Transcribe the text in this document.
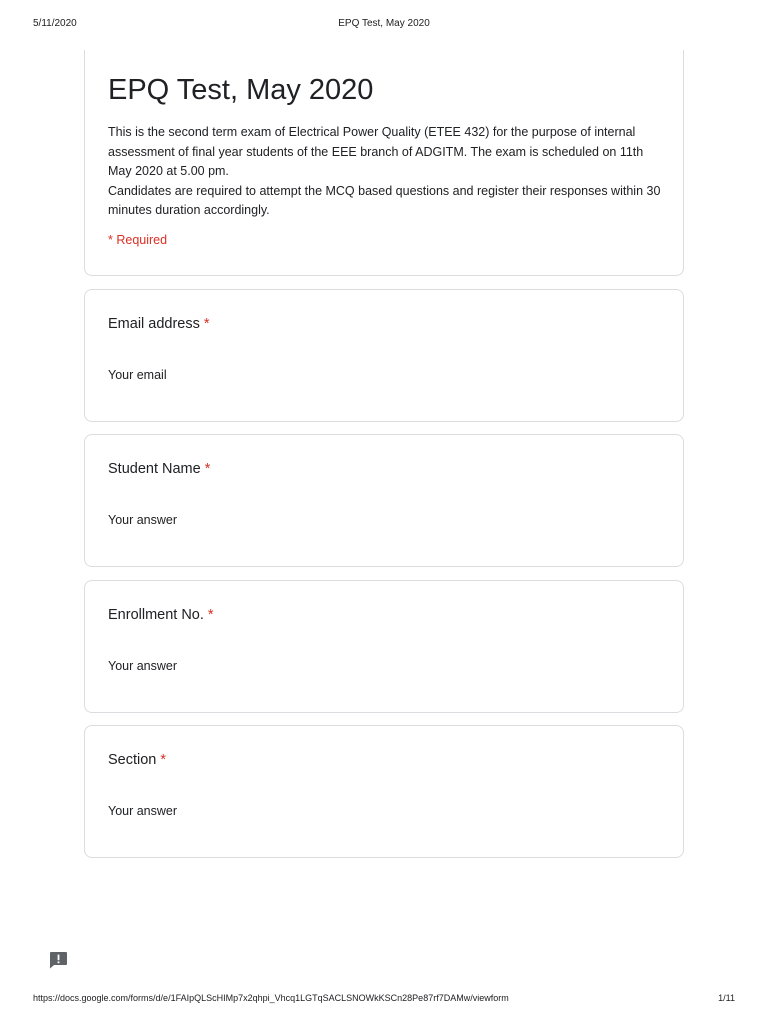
5/11/2020	EPQ Test, May 2020
EPQ Test, May 2020

This is the second term exam of Electrical Power Quality (ETEE 432) for the purpose of internal assessment of final year students of the EEE branch of ADGITM. The exam is scheduled on 11th May 2020 at 5.00 pm.

Candidates are required to attempt the MCQ based questions and register their responses within 30 minutes duration accordingly.

* Required
Email address *
Your email
Student Name *
Your answer
Enrollment No. *
Your answer
Section *
Your answer
https://docs.google.com/forms/d/e/1FAIpQLScHIMp7x2qhpi_Vhcq1LGTqSACLSNOWkKSCn28Pe87rf7DAMw/viewform	1/11
